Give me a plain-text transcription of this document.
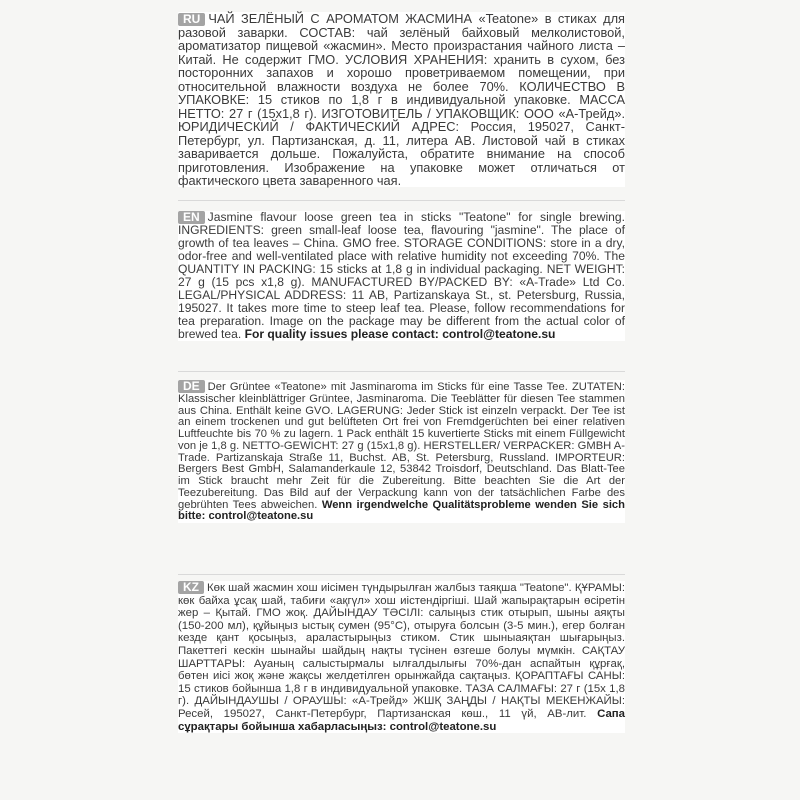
RU ЧАЙ ЗЕЛЁНЫЙ С АРОМАТОМ ЖАСМИНА «Teatone» в стиках для разовой заварки. СОСТАВ: чай зелёный байховый мелколистовой, ароматизатор пищевой «жасмин». Место произрастания чайного листа – Китай. Не содержит ГМО. УСЛОВИЯ ХРАНЕНИЯ: хранить в сухом, без посторонних запахов и хорошо проветриваемом помещении, при относительной влажности воздуха не более 70%. КОЛИЧЕСТВО В УПАКОВКЕ: 15 стиков по 1,8 г в индивидуальной упаковке. МАССА НЕТТО: 27 г (15х1,8 г). ИЗГОТОВИТЕЛЬ / УПАКОВЩИК: ООО «А-Трейд». ЮРИДИЧЕСКИЙ / ФАКТИЧЕСКИЙ АДРЕС: Россия, 195027, Санкт-Петербург, ул. Партизанская, д. 11, литера АВ. Листовой чай в стиках заваривается дольше. Пожалуйста, обратите внимание на способ приготовления. Изображение на упаковке может отличаться от фактического цвета заваренного чая.
EN Jasmine flavour loose green tea in sticks "Teatone" for single brewing. INGREDIENTS: green small-leaf loose tea, flavouring "jasmine". The place of growth of tea leaves – China. GMO free. STORAGE CONDITIONS: store in a dry, odor-free and well-ventilated place with relative humidity not exceeding 70%. The QUANTITY IN PACKING: 15 sticks at 1,8 g in individual packaging. NET WEIGHT: 27 g (15 pcs x1,8 g). MANUFACTURED BY/PACKED BY: «A-Trade» Ltd Co. LEGAL/PHYSICAL ADDRESS: 11 AB, Partizanskaya St., st. Petersburg, Russia, 195027. It takes more time to steep leaf tea. Please, follow recommendations for tea preparation. Image on the package may be different from the actual color of brewed tea. For quality issues please contact: control@teatone.su
DE Der Grüntee «Teatone» mit Jasminaroma im Sticks für eine Tasse Tee. ZUTATEN: Klassischer kleinblättriger Grüntee, Jasminaroma. Die Teeblätter für diesen Tee stammen aus China. Enthält keine GVO. LAGERUNG: Jeder Stick ist einzeln verpackt. Der Tee ist an einem trockenen und gut belüfteten Ort frei von Fremdgerüchten bei einer relativen Luftfeuchte bis 70 % zu lagern. 1 Pack enthält 15 kuvertierte Sticks mit einem Füllgewicht von je 1,8 g. NETTO-GEWICHT: 27 g (15x1,8 g). HERSTELLER/ VERPACKER: GMBH A-Trade. Partizanskaja Straße 11, Buchst. AB, St. Petersburg, Russland. IMPORTEUR: Bergers Best GmbH, Salamanderkaule 12, 53842 Troisdorf, Deutschland. Das Blatt-Tee im Stick braucht mehr Zeit für die Zubereitung. Bitte beachten Sie die Art der Teezubereitung. Das Bild auf der Verpackung kann von der tatsächlichen Farbe des gebrühten Tees abweichen. Wenn irgendwelche Qualitätsprobleme wenden Sie sich bitte: control@teatone.su
KZ Көк шай жасмин хош иісімен түндырылған жалбыз таяқша "Teatone". ҚҰРАМЫ: көк байха ұсақ шай, табиғи «ақгүл» хош иістендіргіші. Шай жапырақтарын өсіретін жер – Қытай. ГМО жоқ. ДАЙЫНДАУ ТӘСІЛІ: салыңыз стик отырып, шыны аяқты (150-200 мл), құйыңыз ыстық сумен (95°C), отыруға болсын (3-5 мин.), егер болған кезде қант қосыңыз, араластырыңыз стиком. Стик шыныаяқтан шығарыңыз. Пакеттегі кескін шынайы шайдың нақты түсінен өзгеше болуы мүмкін. САҚТАУ ШАРТТАРЫ: Ауаның салыстырмалы ылғалдылығы 70%-дан аспайтын құрғақ, бөтен иісі жоқ және жақсы желдетілген орынжайда сақтаңыз. ҚОРАПТАҒЫ САНЫ: 15 стиков бойынша 1,8 г в индивидуальной упаковке. ТАЗА САЛМАҒЫ: 27 г (15х 1,8 г). ДАЙЫНДАУШЫ / ОРАУШЫ: «А-Трейд» ЖШҚ ЗАҢДЫ / НАҚТЫ МЕКЕНЖАЙЫ: Ресей, 195027, Санкт-Петербург, Партизанская көш., 11 үй, АВ-лит. Сапа сұрақтары бойынша хабарласыңыз: control@teatone.su
